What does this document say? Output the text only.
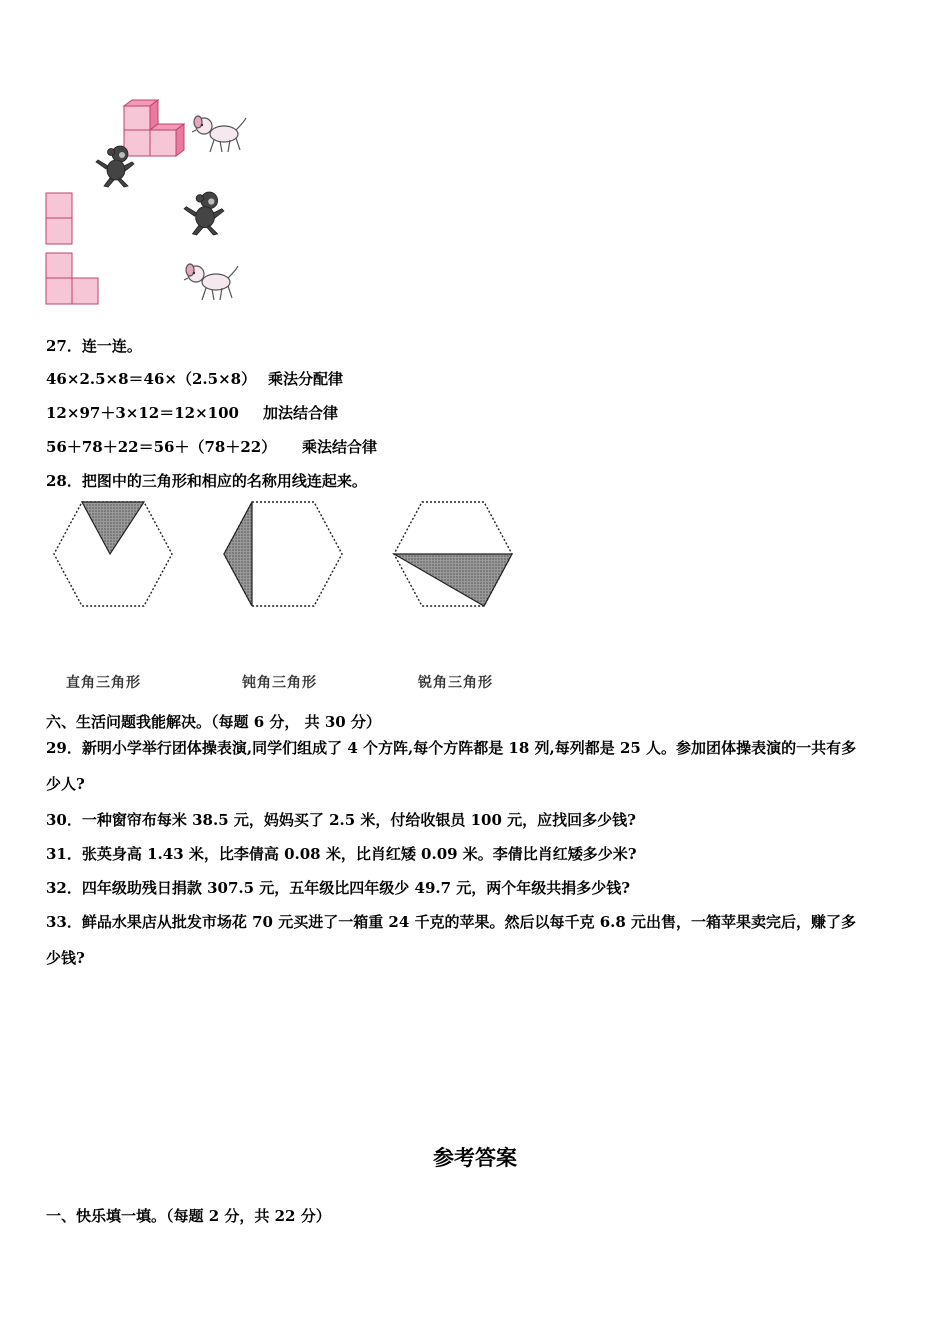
27．连一连。
46×2.5×8＝46×（2.5×8） 乘法分配律
12×97＋3×12＝12×100 加法结合律
56＋78＋22＝56＋（78＋22） 乘法结合律
28．把图中的三角形和相应的名称用线连起来。
直角三角形	钝角三角形	锐角三角形
六、生活问题我能解决。（每题 6 分， 共 30 分）
29．新明小学举行团体操表演,同学们组成了 4 个方阵,每个方阵都是 18 列,每列都是 25 人。参加团体操表演的一共有多
少人?
30．一种窗帘布每米 38.5 元，妈妈买了 2.5 米，付给收银员 100 元，应找回多少钱?
31．张英身高 1.43 米，比李倩高 0.08 米，比肖红矮 0.09 米。李倩比肖红矮多少米?
32．四年级助残日捐款 307.5 元，五年级比四年级少 49.7 元，两个年级共捐多少钱?
33．鲜品水果店从批发市场花 70 元买进了一箱重 24 千克的苹果。然后以每千克 6.8 元出售，一箱苹果卖完后，赚了多
少钱?
参考答案
一、快乐填一填。（每题 2 分，共 22 分）
